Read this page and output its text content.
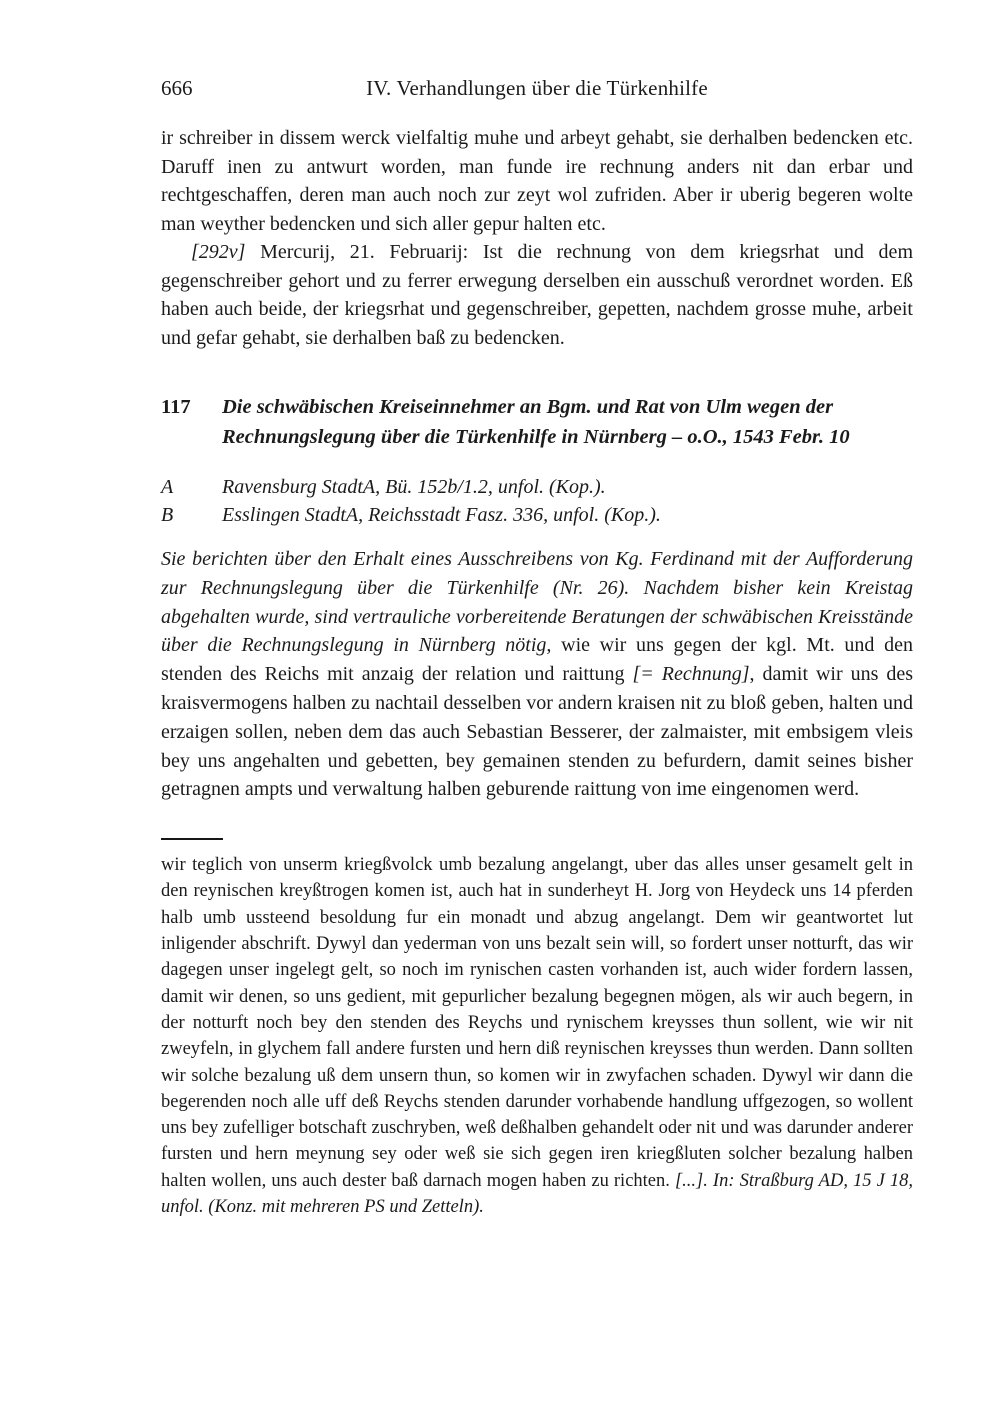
666	IV. Verhandlungen über die Türkenhilfe

ir schreiber in dissem werck vielfaltig muhe und arbeyt gehabt, sie derhalben bedencken etc. Daruff inen zu antwurt worden, man funde ire rechnung anders nit dan erbar und rechtgeschaffen, deren man auch noch zur zeyt wol zufriden. Aber ir uberig begeren wolte man weyther bedencken und sich aller gepur halten etc.

[292v] Mercurij, 21. Februarij: Ist die rechnung von dem kriegsrhat und dem gegenschreiber gehort und zu ferrer erwegung derselben ein ausschuß verordnet worden. Eß haben auch beide, der kriegsrhat und gegenschreiber, gepetten, nachdem grosse muhe, arbeit und gefar gehabt, sie derhalben baß zu bedencken.

117	Die schwäbischen Kreiseinnehmer an Bgm. und Rat von Ulm wegen der Rechnungslegung über die Türkenhilfe in Nürnberg – o.O., 1543 Febr. 10
A	Ravensburg StadtA, Bü. 152b/1.2, unfol. (Kop.).
B	Esslingen StadtA, Reichsstadt Fasz. 336, unfol. (Kop.).

Sie berichten über den Erhalt eines Ausschreibens von Kg. Ferdinand mit der Aufforderung zur Rechnungslegung über die Türkenhilfe (Nr. 26). Nachdem bisher kein Kreistag abgehalten wurde, sind vertrauliche vorbereitende Beratungen der schwäbischen Kreisstände über die Rechnungslegung in Nürnberg nötig, wie wir uns gegen der kgl. Mt. und den stenden des Reichs mit anzaig der relation und raittung [= Rechnung], damit wir uns des kraisvermogens halben zu nachtail desselben vor andern kraisen nit zu bloß geben, halten und erzaigen sollen, neben dem das auch Sebastian Besserer, der zalmaister, mit embsigem vleis bey uns angehalten und gebetten, bey gemainen stenden zu befurdern, damit seines bisher getragnen ampts und verwaltung halben geburende raittung von ime eingenomen werd.

wir teglich von unserm kriegßvolck umb bezalung angelangt, uber das alles unser gesamelt gelt in den reynischen kreyßtrogen komen ist, auch hat in sunderheyt H. Jorg von Heydeck uns 14 pferden halb umb ussteend besoldung fur ein monadt und abzug angelangt. Dem wir geantwortet lut inligender abschrift. Dywyl dan yederman von uns bezalt sein will, so fordert unser notturft, das wir dagegen unser ingelegt gelt, so noch im rynischen casten vorhanden ist, auch wider fordern lassen, damit wir denen, so uns gedient, mit gepurlicher bezalung begegnen mögen, als wir auch begern, in der notturft noch bey den stenden des Reychs und rynischem kreysses thun sollent, wie wir nit zweyfeln, in glychem fall andere fursten und hern diß reynischen kreysses thun werden. Dann sollten wir solche bezalung uß dem unsern thun, so komen wir in zwyfachen schaden. Dywyl wir dann die begerenden noch alle uff deß Reychs stenden darunder vorhabende handlung uffgezogen, so wollent uns bey zufelliger botschaft zuschryben, weß deßhalben gehandelt oder nit und was darunder anderer fursten und hern meynung sey oder weß sie sich gegen iren kriegßluten solcher bezalung halben halten wollen, uns auch dester baß darnach mogen haben zu richten. [...]. In: Straßburg AD, 15 J 18, unfol. (Konz. mit mehreren PS und Zetteln).
